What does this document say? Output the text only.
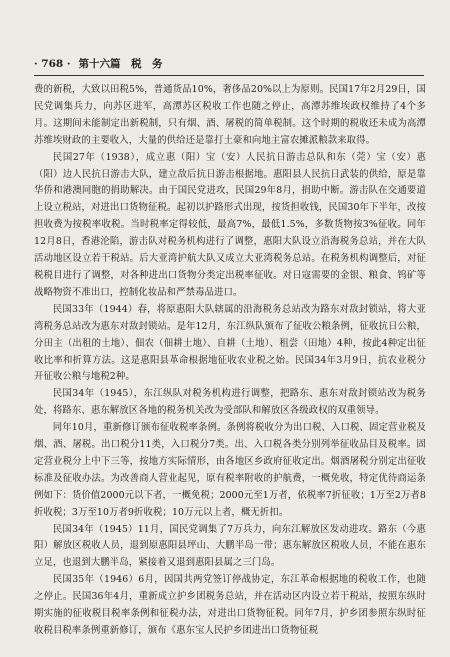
· 768 · 第十六篇　税　务

费的新税，大致以田税5%，普通货品10%，奢侈品20%以上为原则。民国17年2月29日，国民党调集兵力，向苏区进军，高潭苏区税收工作也随之停止，高潭苏维埃政权维持了4个多月。这期间未能制定出新税制，只有烟、酒、屠税的简单税制。这个时期的税收还未成为高潭苏维埃财政的主要收入，大量的供给还是靠打土豪和向地主富农摊派粮款来取得。

民国27年（1938），成立惠（阳）宝（安）人民抗日游击总队和东（莞）宝（安）惠（阳）边人民抗日游击大队，建立敌后抗日游击根据地。惠阳县人民抗日武装的供给，原是靠华侨和港澳同胞的捐助解决。由于国民党进攻，民国29年8月，捐助中断。游击队在交通要道上设立税站，对进出口货物征税。起初以护路形式出现，按货担收钱，民国30年下半年，改按担收费为按税率收税。当时税率定得较低，最高7%，最低1.5%，多数货物按3%征收。同年12月8日，香港沦陷，游击队对税务机构进行了调整，惠阳大队设立沿海税务总站，并在大队活动地区设立若干税站。后大亚湾护航大队又成立大亚湾税务总站。在税务机构调整后，对征税税目进行了调整，对各种进出口货物分类定出税率征收。对日寇需要的金银、粮食、钨矿等战略物资不准出口，控制化妆品和严禁毒品进口。

民国33年（1944）春，将原惠阳大队辖属的沿海税务总站改为路东对敌封锁站，将大亚湾税务总站改为惠东对敌封锁站。是年12月，东江纵队颁布了征收公粮条例，征收抗日公粮，分田主（出租的土地）、佃农（佃耕土地）、自耕（土地）、租尝（田地）4种，按此4种定出征收比率和折算方法。这是惠阳县革命根据地征收农业税之始。民国34年3月9日，抗农业税分开征收公粮与地税2种。

民国34年（1945），东江纵队对税务机构进行调整，把路东、惠东对敌封锁站改为税务处，将路东、惠东解放区各地的税务机关改为受部队和解放区各级政权的双重领导。

同年10月，重新修订颁布征收税率条例。条例将税收分为出口税、入口税、固定营业税及烟、酒、屠税。出口税分11类，入口税分7类。出、入口税各类分别列举征收品目及税率。固定营业税分上中下三等，按地方实际情形，由各地区乡政府征收定出。烟酒屠税分别定出征收标准及征收办法。为改善商人营业起见，原有税率附收的护航费，一概免收，特定优待商运条例如下：货价值2000元以下者，一概免税；2000元至1万者，依税率7折征收；1万至2万者8折收税；3万至10万者9折收税；10万元以上者，概无折扣。

民国34年（1945）11月，国民党调集了7万兵力，向东江解放区发动进攻。路东（今惠阳）解放区税收人员，退到原惠阳县坪山、大鹏半岛一带；惠东解放区税收人员，不能在惠东立足，也退到大鹏半岛，紧接着又退到惠阳县属之三门岛。

民国35年（1946）6月，因国共两党签订停战协定，东江革命根据地的税收工作，也随之停止。民国36年4月，重新成立护乡团税务总站，并在活动区内设立若干税站，按照东纵时期实施的征收税目税率条例和征税办法，对进出口货物征税。同年7月，护乡团参照东纵时征收税目税率条例重新修订，颁布《惠东宝人民护乡团进出口货物征税
